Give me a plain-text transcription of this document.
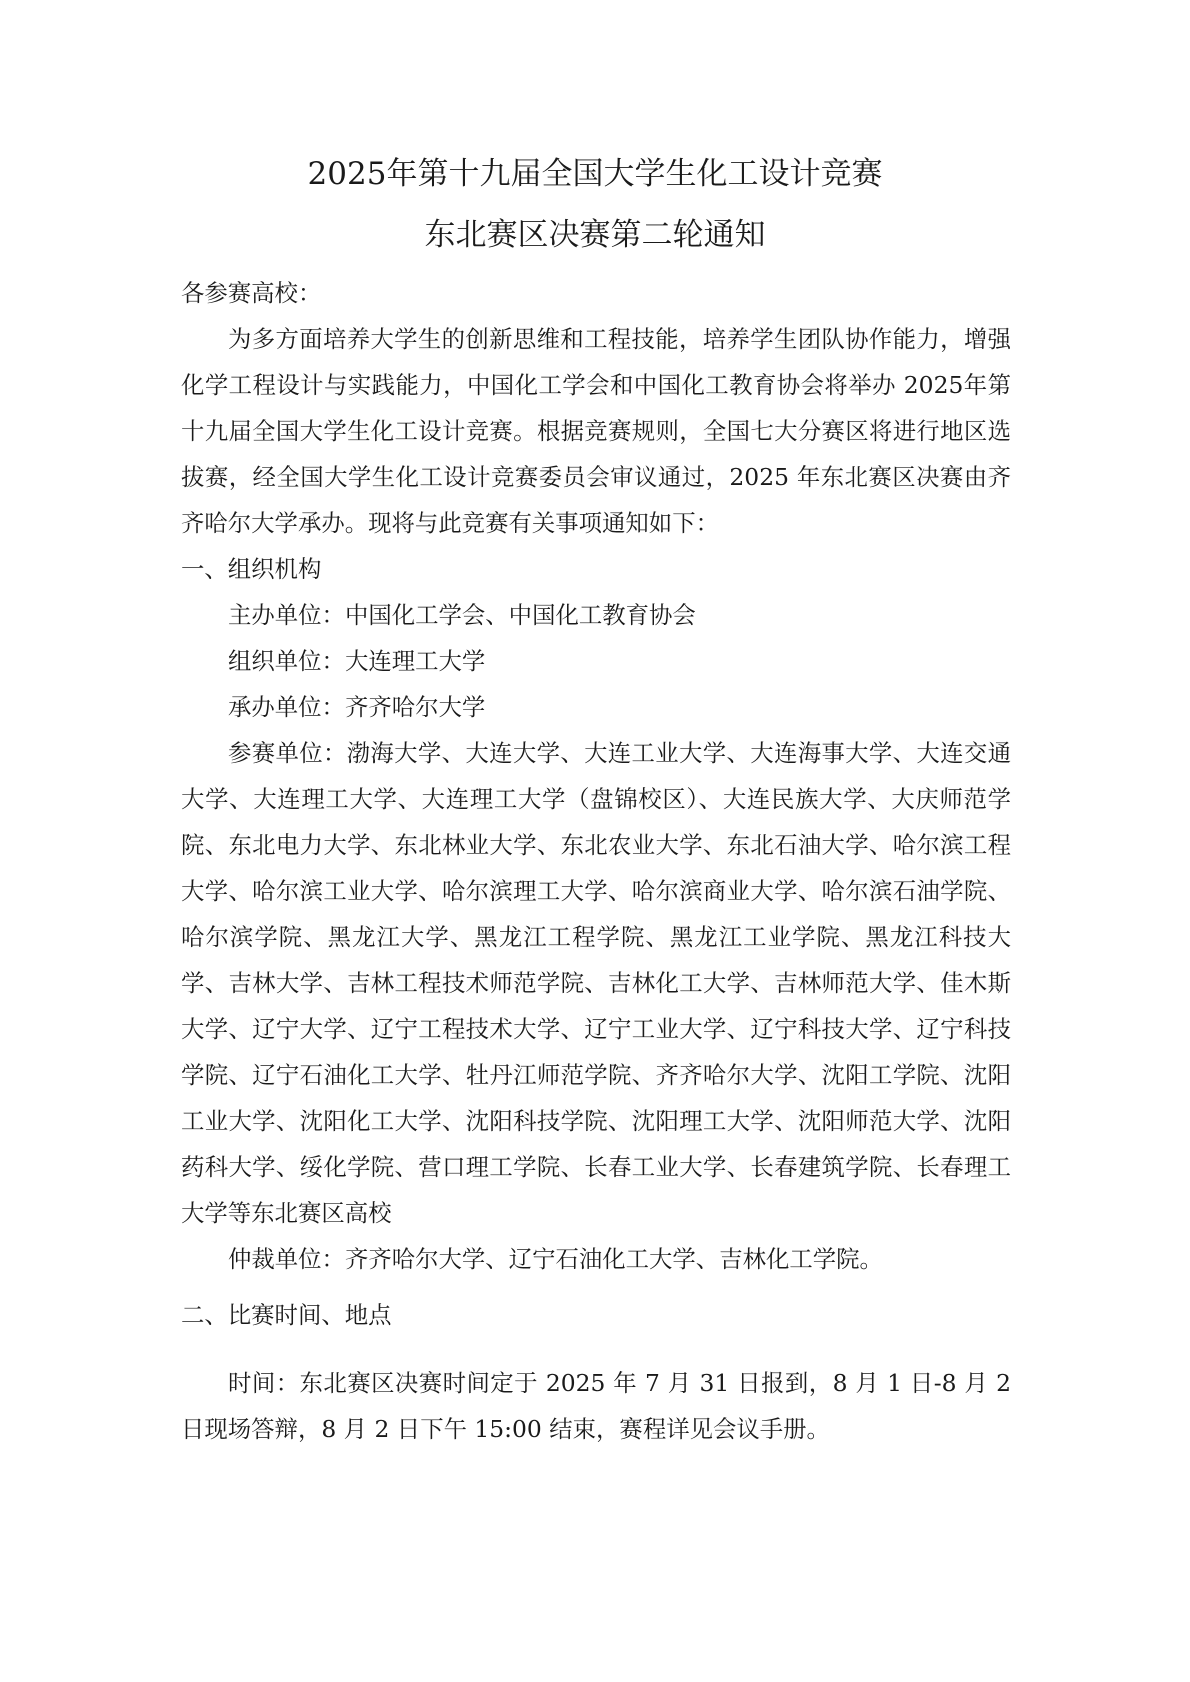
2025年第十九届全国大学生化工设计竞赛
东北赛区决赛第二轮通知

各参赛高校：

为多方面培养大学生的创新思维和工程技能，培养学生团队协作能力，增强化学工程设计与实践能力，中国化工学会和中国化工教育协会将举办 2025年第十九届全国大学生化工设计竞赛。根据竞赛规则，全国七大分赛区将进行地区选拔赛，经全国大学生化工设计竞赛委员会审议通过，2025 年东北赛区决赛由齐齐哈尔大学承办。现将与此竞赛有关事项通知如下：

一、组织机构

主办单位：中国化工学会、中国化工教育协会

组织单位：大连理工大学

承办单位：齐齐哈尔大学

参赛单位：渤海大学、大连大学、大连工业大学、大连海事大学、大连交通大学、大连理工大学、大连理工大学（盘锦校区）、大连民族大学、大庆师范学院、东北电力大学、东北林业大学、东北农业大学、东北石油大学、哈尔滨工程大学、哈尔滨工业大学、哈尔滨理工大学、哈尔滨商业大学、哈尔滨石油学院、哈尔滨学院、黑龙江大学、黑龙江工程学院、黑龙江工业学院、黑龙江科技大学、吉林大学、吉林工程技术师范学院、吉林化工大学、吉林师范大学、佳木斯大学、辽宁大学、辽宁工程技术大学、辽宁工业大学、辽宁科技大学、辽宁科技学院、辽宁石油化工大学、牡丹江师范学院、齐齐哈尔大学、沈阳工学院、沈阳工业大学、沈阳化工大学、沈阳科技学院、沈阳理工大学、沈阳师范大学、沈阳药科大学、绥化学院、营口理工学院、长春工业大学、长春建筑学院、长春理工大学等东北赛区高校

仲裁单位：齐齐哈尔大学、辽宁石油化工大学、吉林化工学院。

二、比赛时间、地点

时间：东北赛区决赛时间定于 2025 年 7 月 31 日报到，8 月 1 日-8 月 2 日现场答辩，8 月 2 日下午 15:00 结束，赛程详见会议手册。
